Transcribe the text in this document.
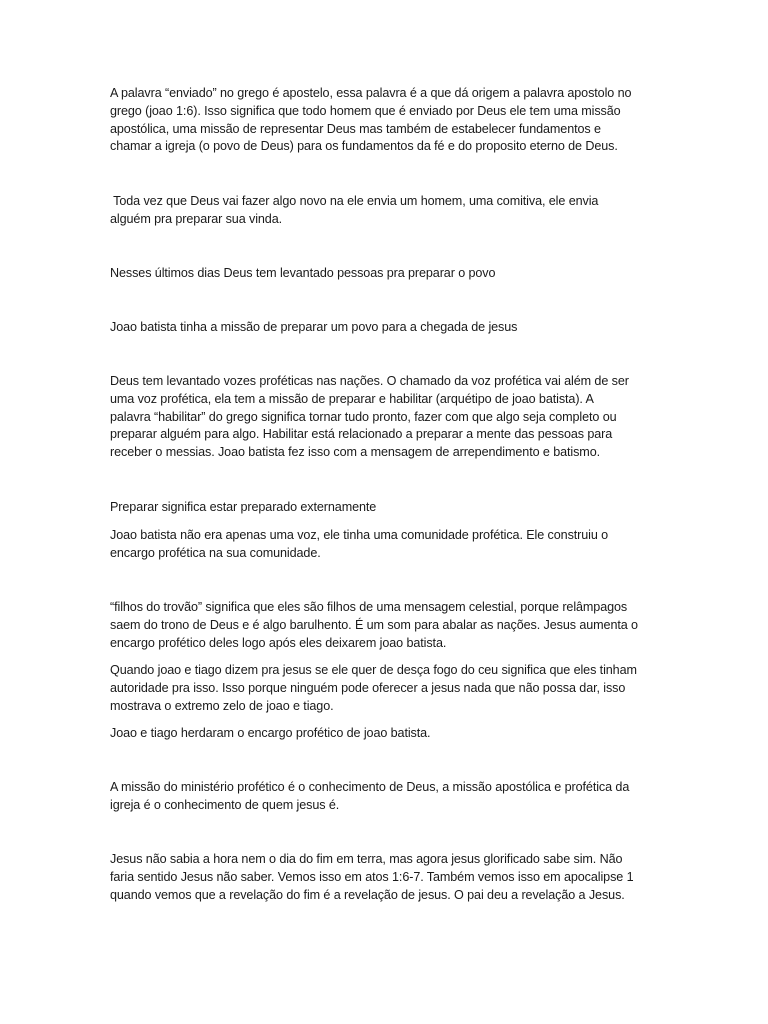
A palavra “enviado” no grego é apostelo, essa palavra é a que dá origem a palavra apostolo no
grego (joao 1:6). Isso significa que todo homem que é enviado por Deus ele tem uma missão
apostólica, uma missão de representar Deus mas também de estabelecer fundamentos e
chamar a igreja (o povo de Deus) para os fundamentos da fé e do proposito eterno de Deus.

Toda vez que Deus vai fazer algo novo na ele envia um homem, uma comitiva, ele envia
alguém pra preparar sua vinda.

Nesses últimos dias Deus tem levantado pessoas pra preparar o povo

Joao batista tinha a missão de preparar um povo para a chegada de jesus

Deus tem levantado vozes proféticas nas nações. O chamado da voz profética vai além de ser
uma voz profética, ela tem a missão de preparar e habilitar (arquétipo de joao batista). A
palavra “habilitar” do grego significa tornar tudo pronto, fazer com que algo seja completo ou
preparar alguém para algo. Habilitar está relacionado a preparar a mente das pessoas para
receber o messias. Joao batista fez isso com a mensagem de arrependimento e batismo.

Preparar significa estar preparado externamente

Joao batista não era apenas uma voz, ele tinha uma comunidade profética. Ele construiu o
encargo profética na sua comunidade.

“filhos do trovão” significa que eles são filhos de uma mensagem celestial, porque relâmpagos
saem do trono de Deus e é algo barulhento. É um som para abalar as nações. Jesus aumenta o
encargo profético deles logo após eles deixarem joao batista.

Quando joao e tiago dizem pra jesus se ele quer de desça fogo do ceu significa que eles tinham
autoridade pra isso. Isso porque ninguém pode oferecer a jesus nada que não possa dar, isso
mostrava o extremo zelo de joao e tiago.

Joao e tiago herdaram o encargo profético de joao batista.

A missão do ministério profético é o conhecimento de Deus, a missão apostólica e profética da
igreja é o conhecimento de quem jesus é.

Jesus não sabia a hora nem o dia do fim em terra, mas agora jesus glorificado sabe sim. Não
faria sentido Jesus não saber. Vemos isso em atos 1:6-7. Também vemos isso em apocalipse 1
quando vemos que a revelação do fim é a revelação de jesus. O pai deu a revelação a Jesus.
